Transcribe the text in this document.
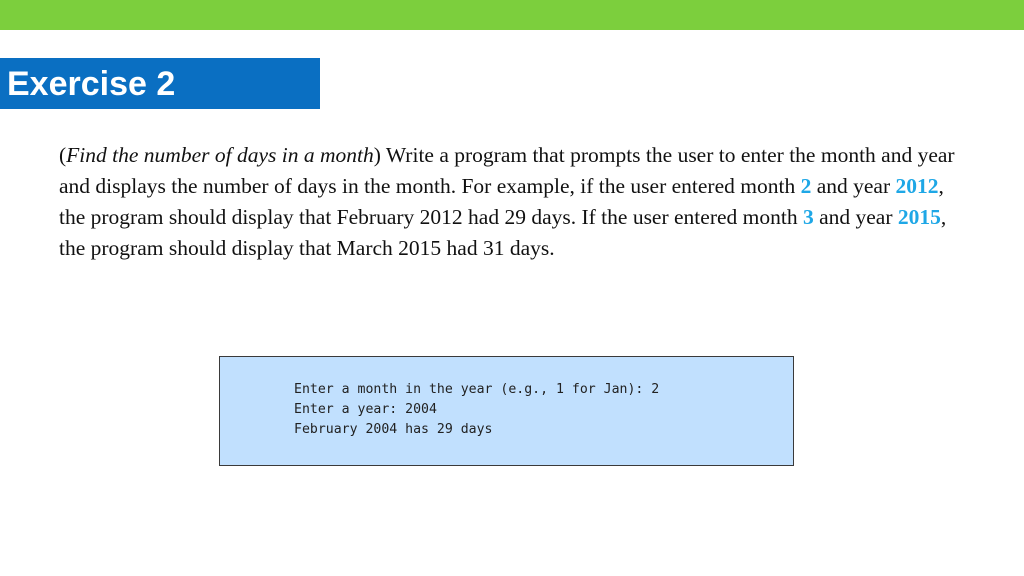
Exercise 2
(Find the number of days in a month) Write a program that prompts the user to enter the month and year and displays the number of days in the month. For example, if the user entered month 2 and year 2012, the program should display that February 2012 had 29 days. If the user entered month 3 and year 2015, the program should display that March 2015 had 31 days.
Enter a month in the year (e.g., 1 for Jan): 2
Enter a year: 2004
February 2004 has 29 days
